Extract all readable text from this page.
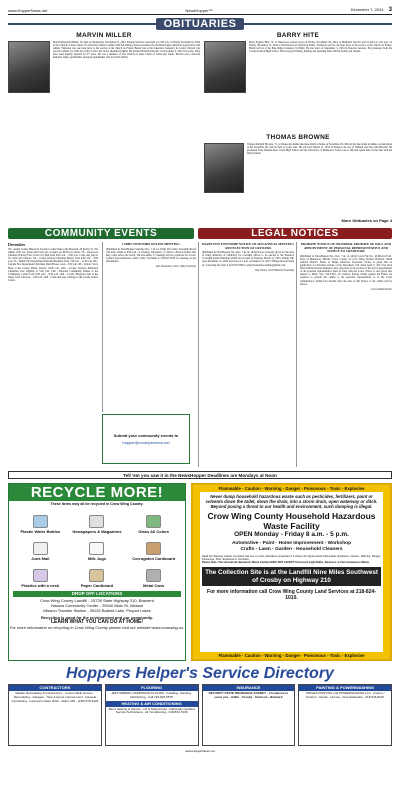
www.HopperNews.net	NewsHopper™	December 7, 2024 3
OBITUARIES
MARVIN MILLER
Marvin Raymond Miller, 79, died on Wednesday, November 27, 2024. Funeral Services were held at 11:00 a.m. on Friday, December 6, 2024 at the Church of Jesus Christ of Latter-Day Saints in Aitkin with full military honors presented by the Hom-James American Legion Post 443 Aitkin. Visitation was one hour prior to the service at the church on Friday. Burial was at the Lakeview Cemetery in Crosby. Marvin was born November 19, 1945 in Crosby to Earl and Violet (Kemmer) Miller. He married Bonnie (DeCent) on November 4, 1967 in Crosby. They have been happily married for 57 years. He was a member of The Church of Jesus Christ of Latter-day Saints. Marvin was a beloved husband, father, grandfather and great-grandfather who loved his family.
BARRY HITE
Barry Eugene Hite, 70, of Deerwood, passed away on Friday, November 29, 2024. A Memorial Service will be held at 1:00 p.m. on Friday, December 13, 2024 at the Riverwood Church in Emily. Visitation will be one hour prior to the service at the church on Friday. Burial will be at the Pine Ridge Cemetery in Emily. He was born on September 5, 1954 in Duncan, Arizona. He graduated from the Crosby-Ironton High School. Barry enjoyed fishing, hunting and spending time with his family and friends.
THOMAS BROWNE
Thomas Richard Browne, 71, of Onaka and Aitkin died peacefully at home on November 26, 2024 at his lake home in Aitkin. A celebration of his incredible life will be held at a later date. He was born March 11, 1953 in Wadena, the son of William and Vera Ann Browne. He graduated from Wadena-Deer Creek High School and the University of Minnesota. Tom loved to fish and spend time on the lake with his many friends.
More Obituaries on Page 4
COMMUNITY EVENTS	LEGAL NOTICES
December
7th - Aitkin County Historical Society Cookie Walk at the Museum, 20 Pacific St. SW Aitkin, 9:00 a.m. going until sold out. Cookies are $8.50 per dozen. 7th - Deerwood Chamber Holiday Fest at the City Hall from 9:00 a.m. - 2:00 p.m. Come and join us for crafts and vendors. 7th - Crosby-Ironton Christmas Bazaar from 9:00 a.m. - 3:00 p.m. 7th - Hallett Fire Department Pancake Breakfast from 7:00 a.m. - 11:00 a.m. 8th - Cuyuna Fire Department Christmas Open House, noon - 3:00 p.m. 9th - Library Story Hour at the Crosby Public Library 10:00 a.m. 12th - Crosby Veterans Memorial Christmas Tree Lighting at 5:00 p.m. 13th - Riverton Community Dinner at the Community Center from 4:30 p.m. - 6:30 p.m. 14th - Crosby Bluegrass Jam at the Depot from 1:00 p.m. - 4:00 p.m. 14th - Come and play cribbage at the Crosby Senior Center.
Submit your community events to
hopper@crosbyironton.net
LIBBY TOWNSHIP ONLINE MEETING
(Published in NewsHopper Saturday Dec. 7 & 14, 2024) The Libby Township Board will meet online at 6:00 p.m. on Tuesday, December 17, 2024 to discuss matters that may come before the board. The December 17 meeting will be conducted via Zoom. Contact Jane Demarais, Clerk, Libby Township at 218-927-6100 for meeting access information.
Jane Demarais, Clerk, Libby Township
HAZELTON TOWNSHIP NOTICE OF 2025 ANNUAL MEETING AND ELECTION OF OFFICERS
(Published in NewsHopper Sat., Dec. 7 & 14, 2024) Notice is hereby given for the time of filing affidavits of candidacy for township offices to be elected at the Hazelton Township Annual Meeting which will be held on Tuesday, March 11, 2025. Filings will open December 31, 2024 and close at 5 p.m. on January 14, 2025. Filings must be made by contacting the clerk at 218-678-3389 or email hazeltontownship@gmail.com.
Kay Olson, Clerk Hazelton Township
PROBATE NOTICE OF INFORMAL PROBATE OF WILL AND APPOINTMENT OF PERSONAL REPRESENTATIVE AND NOTICE TO CREDITORS
(Published in NewsHopper Sat., Dec. 7 & 14, 2024) Court File No. 18-PR-24-37-41. State of Minnesota, District Court, County of Crow Wing, Probate Division, Ninth Judicial District. Estate of Elaine Anderson, Deceased. Notice is given that an application for informal probate of the Decedent's will dated April 5, 2017 has been filed with the Probate Registrar. Any objections to the probate of the will or appointment of the personal representative must be filed with the Court. Notice is also given that subject to Minn. Stat. 524.3-801, all creditors having claims against the Estate are required to present the claims to the personal representative or to the Court Administrator within four months after the date of this Notice or the claims will be barred.
Court Administrator
Tell 'em you saw it in the NewsHopper Deadlines are Mondays at Noon
RECYCLE MORE!
These items may all be recycled in Crow Wing County:
Plastic Water Bottles	Newspapers & Magazines	Glass All Colors
Junk Mail	Milk Jugs	Corrugated Cardboard
Plastics with a neck	Paper Cardboard	Metal Cans
DROP OFF LOCATIONS
Crow Wing County Landfill - 15728 State Highway 210, Brainerd
Nisswa Community Center - 25940 Main St, Nisswa
Mission Transfer Station - 35152 Ballard Lake, Pequot Lakes
Recycling is good for the environment and our community.
LEARN WHAT YOU CAN DO AT HOME!
For more information on recycling in Crow Wing County please visit our website www.crowwing.us.
Flammable - Caution - Warning - Danger - Poisonous - Toxic - Explosive
Never dump household hazardous waste such as pesticides, fertilizers, paint or solvents down the toilet, down the drain, into a storm drain, open waterway or ditch.
Beyond posing a threat to our health and environment, such dumping is illegal.
Crow Wing County Household Hazardous Waste Facility
OPEN Monday - Friday 8 a.m. - 5 p.m.
Automotive - Paint - Home Improvement - Workshop
Crafts - Lawn - Garden - Household Cleaners
Read the Warning Labels: A product has one or more hazardous properties if it shows the signal words Flammable, Explosive, Caution, Warning, Danger, Poisonous, Toxic, Explosive or Corrosive.
Please Note: The Household Hazardous Waste Facility DOES NOT ACCEPT Florescent Light Bulbs, Business or Farm Hazardous Waste.
The Collection Site is at the Landfill Nine Miles Southwest of Crosby on Highway 210
For more information call Crow Wing County Land Services at 218-824-1010.
Flammable - Caution - Warning - Danger - Poisonous - Toxic - Explosive
Hoppers Helper's Service Directory
CONTRACTORS
Radtke Remodeling & Construction - Custom Built Homes - Remodeling - Garages - New & Home Improvement - General Contracting - Insurance Claim Work - Aitkin, MN - (218) 678-3429
FLOORING
JEFF WIBERG HARDWOOD FLOORS - Installing, Sanding, Refinishing - Call 218-546-5578
HEATING & AIR CONDITIONING
Ben's Heating & Service - LP & Natural Gas - Nationally Certified Service Technicians - Air Conditioning - 218-833-7238
INSURANCE
SECURITY STATE INSURANCE AGENCY - 4 locations to serve you - Aitkin - Crosby - Garrison - Brainerd
PAINTING & POWERWASHING
STEVES PAINTING and POWERWASHING LLC - Interior / Exterior - Decks - Homes - Free Estimates - 218-546-8115
www.HopperNews.net
